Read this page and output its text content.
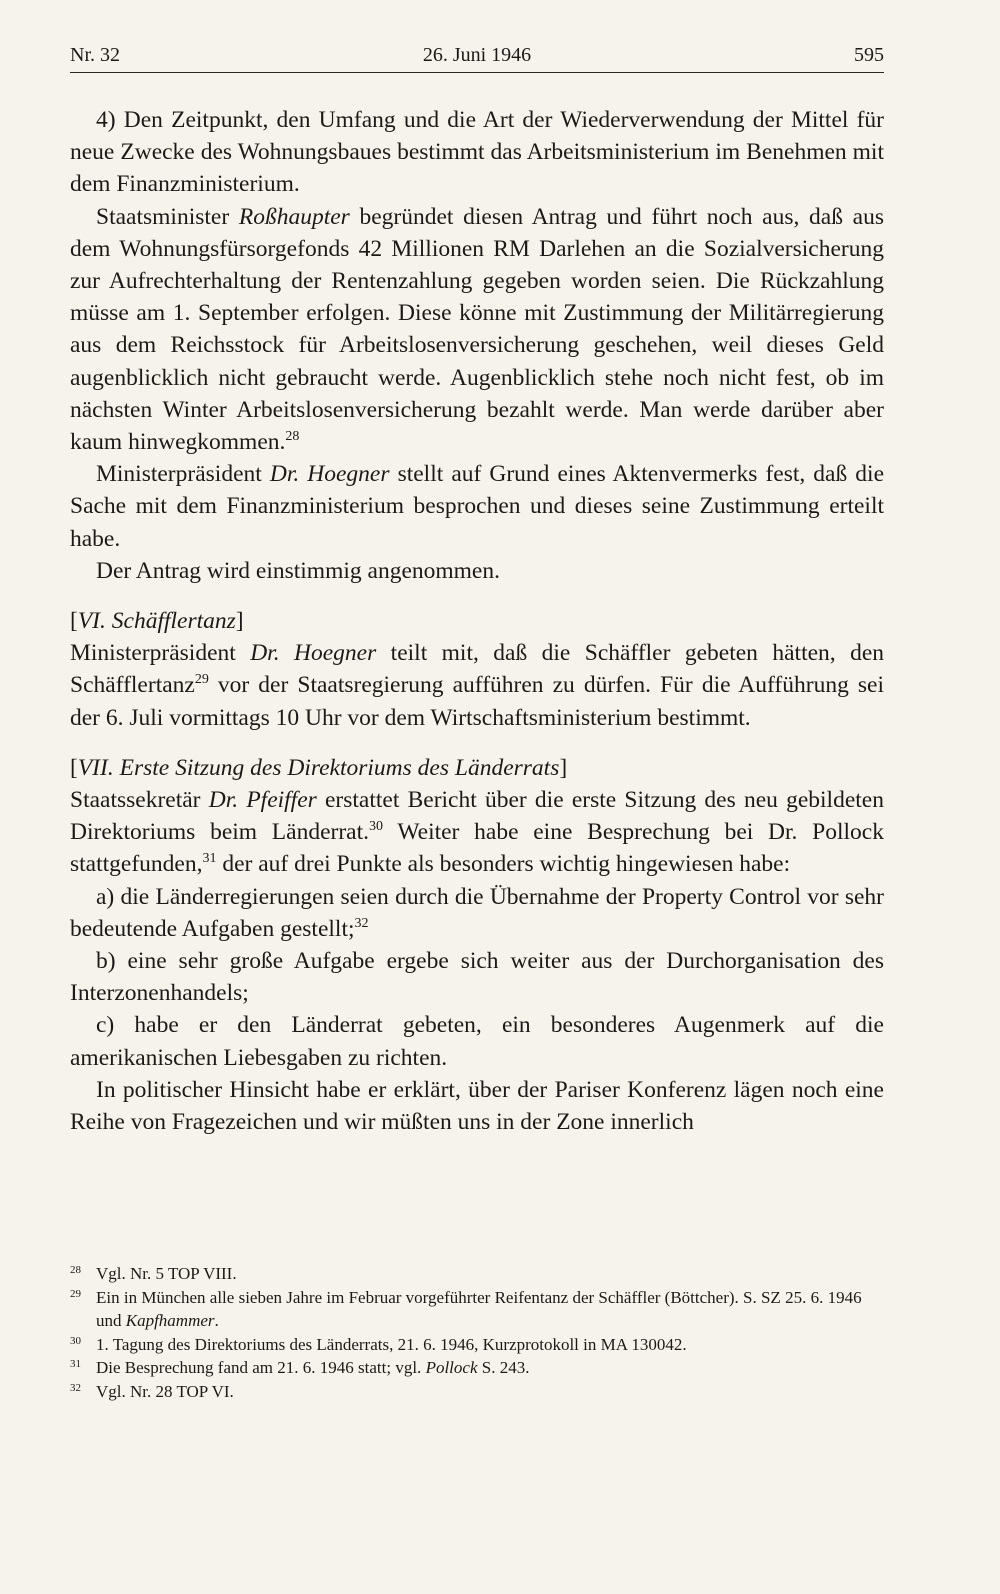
Nr. 32	26. Juni 1946	595

4) Den Zeitpunkt, den Umfang und die Art der Wiederverwendung der Mittel für neue Zwecke des Wohnungsbaues bestimmt das Arbeitsministerium im Benehmen mit dem Finanzministerium.

Staatsminister Roßhaupter begründet diesen Antrag und führt noch aus, daß aus dem Wohnungsfürsorgefonds 42 Millionen RM Darlehen an die Sozialversicherung zur Aufrechterhaltung der Rentenzahlung gegeben worden seien. Die Rückzahlung müsse am 1. September erfolgen. Diese könne mit Zustimmung der Militärregierung aus dem Reichsstock für Arbeitslosenversicherung geschehen, weil dieses Geld augenblicklich nicht gebraucht werde. Augenblicklich stehe noch nicht fest, ob im nächsten Winter Arbeitslosenversicherung bezahlt werde. Man werde darüber aber kaum hinwegkommen.$^{28}$

Ministerpräsident Dr. Hoegner stellt auf Grund eines Aktenvermerks fest, daß die Sache mit dem Finanzministerium besprochen und dieses seine Zustimmung erteilt habe.

Der Antrag wird einstimmig angenommen.

[VI. Schäfflertanz]

Ministerpräsident Dr. Hoegner teilt mit, daß die Schäffler gebeten hätten, den Schäfflertanz$^{29}$ vor der Staatsregierung aufführen zu dürfen. Für die Aufführung sei der 6. Juli vormittags 10 Uhr vor dem Wirtschaftsministerium bestimmt.

[VII. Erste Sitzung des Direktoriums des Länderrats]

Staatssekretär Dr. Pfeiffer erstattet Bericht über die erste Sitzung des neu gebildeten Direktoriums beim Länderrat.$^{30}$ Weiter habe eine Besprechung bei Dr. Pollock stattgefunden,$^{31}$ der auf drei Punkte als besonders wichtig hingewiesen habe:

a) die Länderregierungen seien durch die Übernahme der Property Control vor sehr bedeutende Aufgaben gestellt;$^{32}$

b) eine sehr große Aufgabe ergebe sich weiter aus der Durchorganisation des Interzonenhandels;

c) habe er den Länderrat gebeten, ein besonderes Augenmerk auf die amerikanischen Liebesgaben zu richten.

In politischer Hinsicht habe er erklärt, über der Pariser Konferenz lägen noch eine Reihe von Fragezeichen und wir müßten uns in der Zone innerlich

28 Vgl. Nr. 5 TOP VIII.
29 Ein in München alle sieben Jahre im Februar vorgeführter Reifentanz der Schäffler (Böttcher). S. SZ 25. 6. 1946 und Kapfhammer.
30 1. Tagung des Direktoriums des Länderrats, 21. 6. 1946, Kurzprotokoll in MA 130042.
31 Die Besprechung fand am 21. 6. 1946 statt; vgl. Pollock S. 243.
32 Vgl. Nr. 28 TOP VI.
